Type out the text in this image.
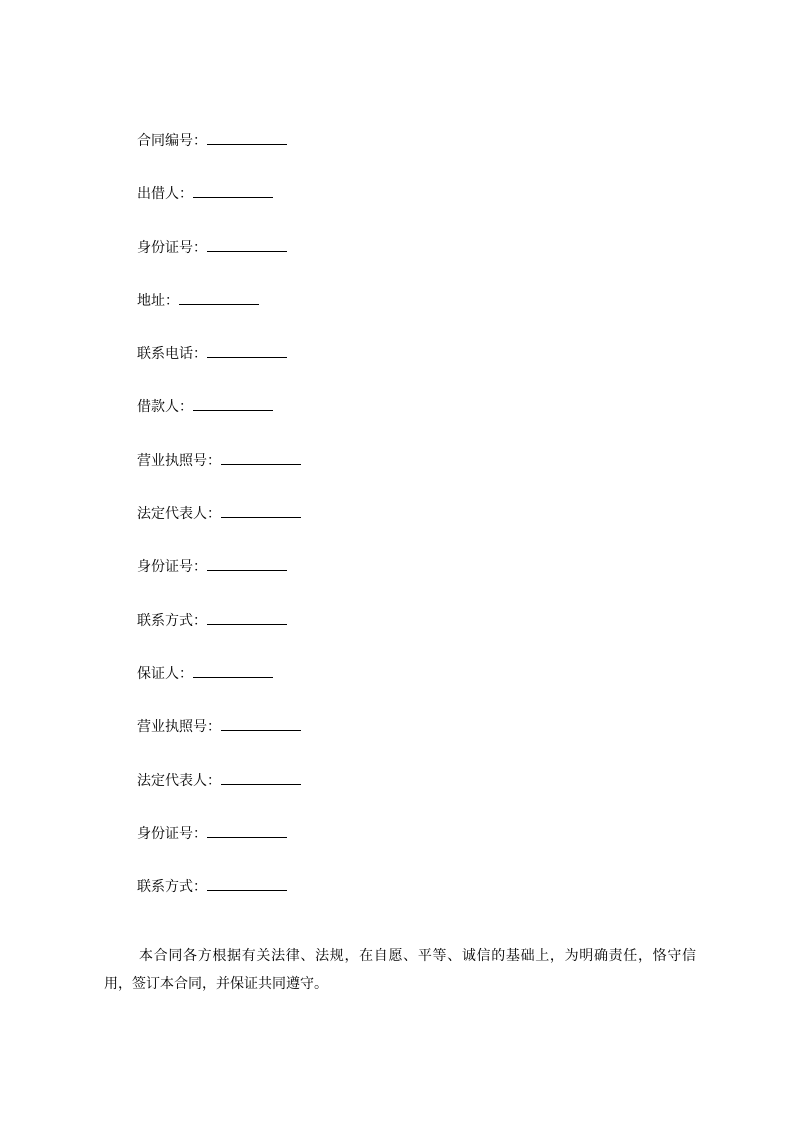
合同编号：
出借人：
身份证号：
地址：
联系电话：
借款人：
营业执照号：
法定代表人：
身份证号：
联系方式：
保证人：
营业执照号：
法定代表人：
身份证号：
联系方式：

本合同各方根据有关法律、法规，在自愿、平等、诚信的基础上，为明确责任，恪守信用，签订本合同，并保证共同遵守。
